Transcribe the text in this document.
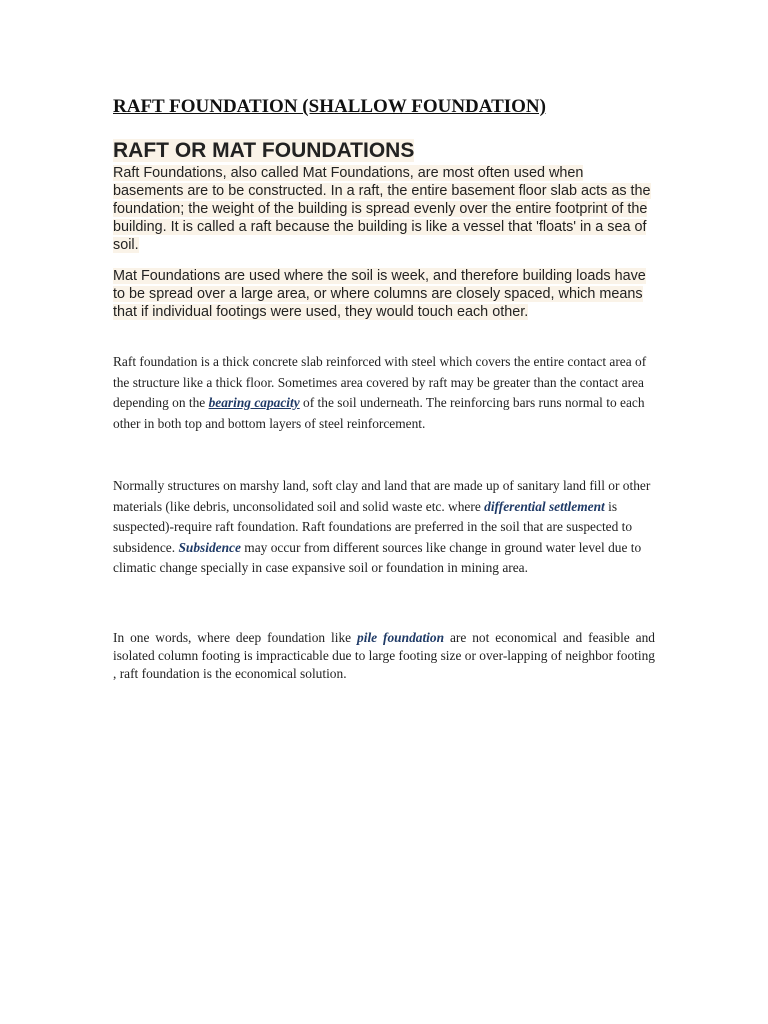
RAFT FOUNDATION (SHALLOW FOUNDATION)
RAFT OR MAT FOUNDATIONS

Raft Foundations, also called Mat Foundations, are most often used when basements are to be constructed. In a raft, the entire basement floor slab acts as the foundation; the weight of the building is spread evenly over the entire footprint of the building. It is called a raft because the building is like a vessel that 'floats' in a sea of soil.

Mat Foundations are used where the soil is week, and therefore building loads have to be spread over a large area, or where columns are closely spaced, which means that if individual footings were used, they would touch each other.

Raft foundation is a thick concrete slab reinforced with steel which covers the entire contact area of the structure like a thick floor. Sometimes area covered by raft may be greater than the contact area depending on the bearing capacity of the soil underneath. The reinforcing bars runs normal to each other in both top and bottom layers of steel reinforcement.

Normally structures on marshy land, soft clay and land that are made up of sanitary land fill or other materials (like debris, unconsolidated soil and solid waste etc. where differential settlement is suspected)-require raft foundation. Raft foundations are preferred in the soil that are suspected to subsidence. Subsidence may occur from different sources like change in ground water level due to climatic change specially in case expansive soil or foundation in mining area.

In one words, where deep foundation like pile foundation are not economical and feasible and isolated column footing is impracticable due to large footing size or over-lapping of neighbor footing , raft foundation is the economical solution.
